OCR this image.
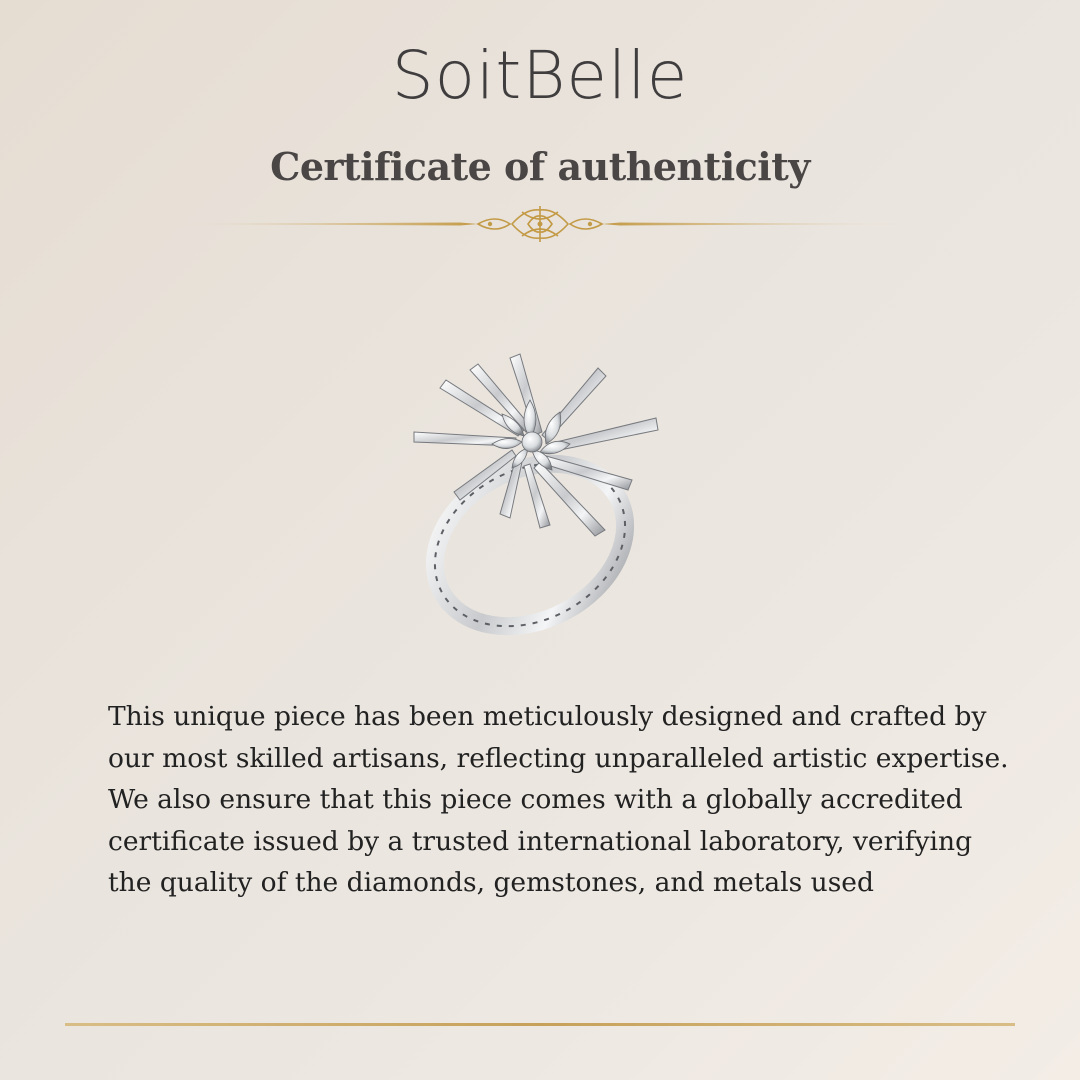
SoitBelle
Certificate of authenticity

This unique piece has been meticulously designed and crafted by our most skilled artisans, reflecting unparalleled artistic expertise. We also ensure that this piece comes with a globally accredited certificate issued by a trusted international laboratory, verifying the quality of the diamonds, gemstones, and metals used
